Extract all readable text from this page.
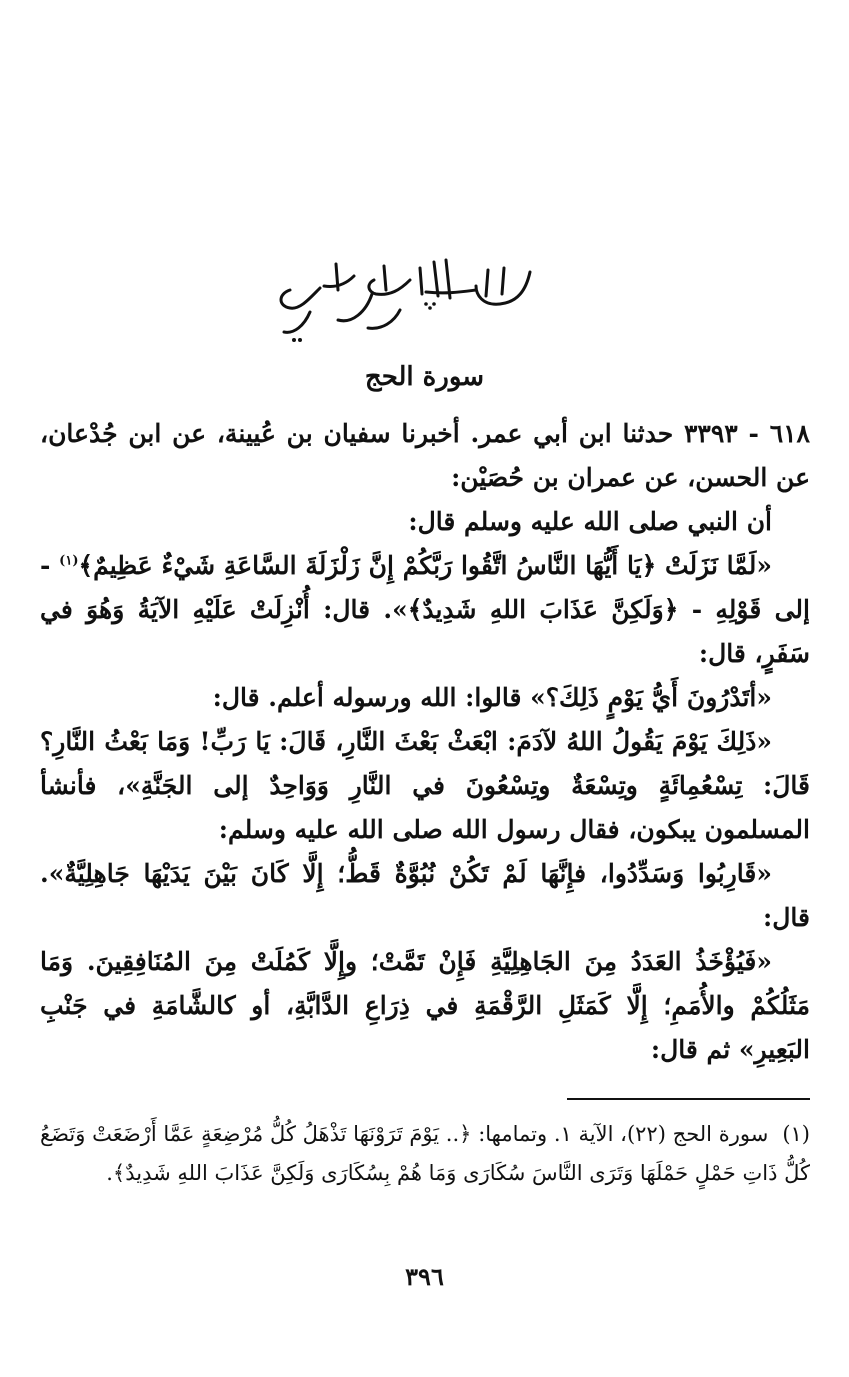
سورة الحج

٦١٨ - ٣٣٩٣ حدثنا ابن أبي عمر. أخبرنا سفيان بن عُيينة، عن ابن جُدْعان، عن الحسن، عن عمران بن حُصَيْن:

أن النبي صلى الله عليه وسلم قال:

«لَمَّا نَزَلَتْ ﴿يَا أَيُّهَا النَّاسُ اتَّقُوا رَبَّكُمْ إِنَّ زَلْزَلَةَ السَّاعَةِ شَيْءٌ عَظِيمٌ﴾$^{(١)}$ - إلى قَوْلِهِ - ﴿وَلَكِنَّ عَذَابَ اللهِ شَدِيدٌ﴾». قال: أُنْزِلَتْ عَلَيْهِ الآيَةُ وَهُوَ في سَفَرٍ، قال:

«أتَدْرُونَ أَيُّ يَوْمٍ ذَلِكَ؟» قالوا: الله ورسوله أعلم. قال:

«ذَلِكَ يَوْمَ يَقُولُ اللهُ لآدَمَ: ابْعَثْ بَعْثَ النَّارِ، قَالَ: يَا رَبِّ! وَمَا بَعْثُ النَّارِ؟ قَالَ: تِسْعُمِائَةٍ وتِسْعَةٌ وتِسْعُونَ في النَّارِ وَوَاحِدٌ إلى الجَنَّةِ»، فأنشأ المسلمون يبكون، فقال رسول الله صلى الله عليه وسلم:

«قَارِبُوا وَسَدِّدُوا، فإِنَّهَا لَمْ تَكُنْ نُبُوَّةٌ قَطُّ؛ إِلَّا كَانَ بَيْنَ يَدَيْهَا جَاهِلِيَّةٌ». قال:

«فَيُؤْخَذُ العَدَدُ مِنَ الجَاهِلِيَّةِ فَإِنْ تَمَّتْ؛ وإِلَّا كَمُلَتْ مِنَ المُنَافِقِينَ. وَمَا مَثَلُكُمْ والأُمَمِ؛ إِلَّا كَمَثَلِ الرَّقْمَةِ في ذِرَاعِ الدَّابَّةِ، أو كالشَّامَةِ في جَنْبِ البَعِيرِ» ثم قال:

(١)سورة الحج (٢٢)، الآية ١. وتمامها: ﴿.. يَوْمَ تَرَوْنَهَا تَذْهَلُ كُلُّ مُرْضِعَةٍ عَمَّا أَرْضَعَتْ وَتَضَعُ كُلُّ ذَاتِ حَمْلٍ حَمْلَهَا وَتَرَى النَّاسَ سُكَارَى وَمَا هُمْ بِسُكَارَى وَلَكِنَّ عَذَابَ اللهِ شَدِيدٌ﴾.
٣٩٦
